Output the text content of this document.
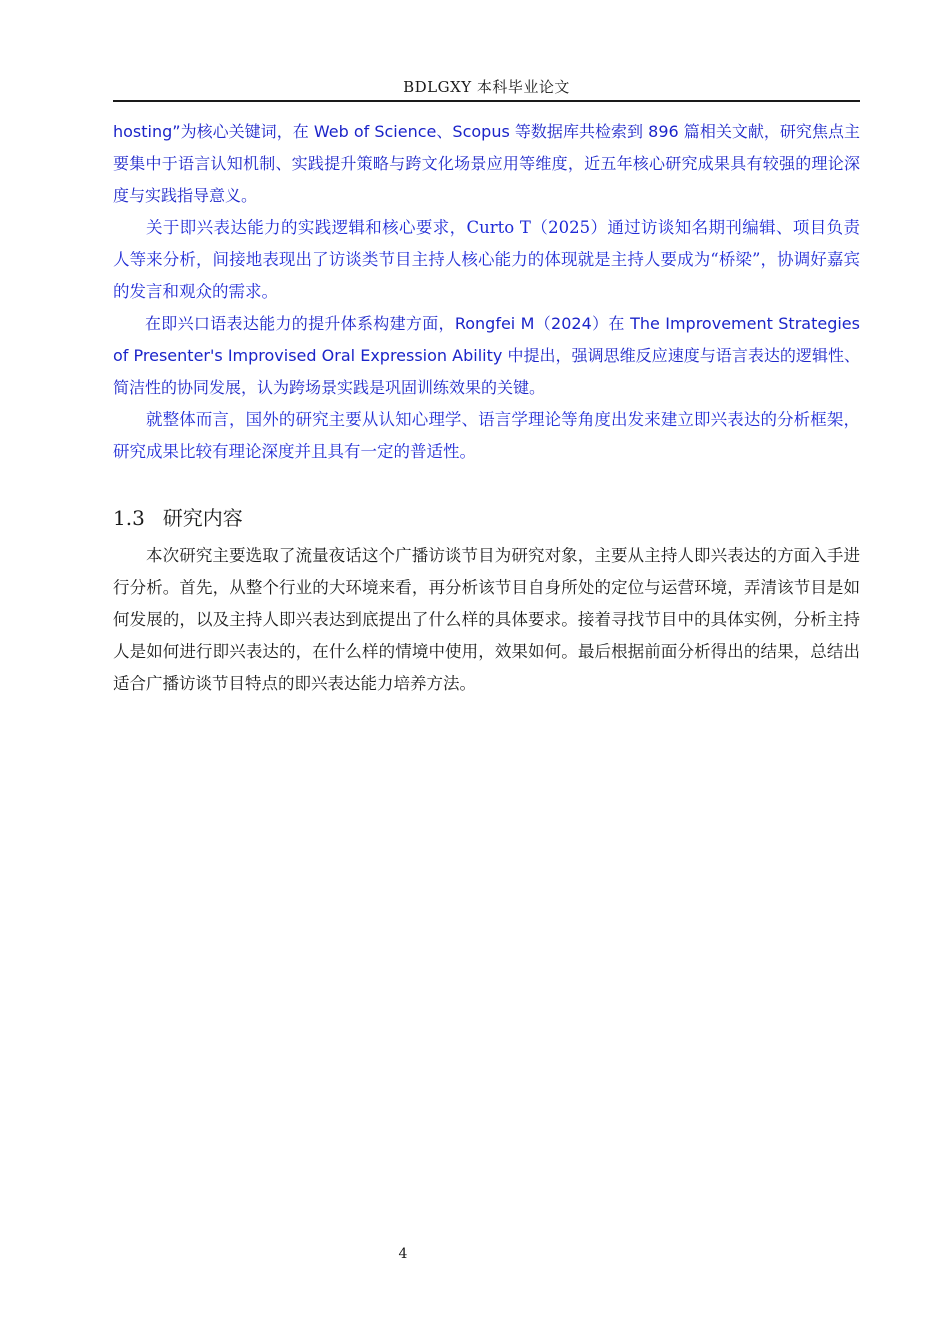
BDLGXY 本科毕业论文

hosting”为核心关键词，在 Web of Science、Scopus 等数据库共检索到 896 篇相关文献，研究焦点主要集中于语言认知机制、实践提升策略与跨文化场景应用等维度，近五年核心研究成果具有较强的理论深度与实践指导意义。

关于即兴表达能力的实践逻辑和核心要求，Curto T（2025）通过访谈知名期刊编辑、项目负责人等来分析，间接地表现出了访谈类节目主持人核心能力的体现就是主持人要成为“桥梁”，协调好嘉宾的发言和观众的需求。

在即兴口语表达能力的提升体系构建方面，Rongfei M（2024）在 The Improvement Strategies of Presenter's Improvised Oral Expression Ability 中提出，强调思维反应速度与语言表达的逻辑性、简洁性的协同发展，认为跨场景实践是巩固训练效果的关键。

就整体而言，国外的研究主要从认知心理学、语言学理论等角度出发来建立即兴表达的分析框架，研究成果比较有理论深度并且具有一定的普适性。

1.3 研究内容

本次研究主要选取了流量夜话这个广播访谈节目为研究对象，主要从主持人即兴表达的方面入手进行分析。首先，从整个行业的大环境来看，再分析该节目自身所处的定位与运营环境，弄清该节目是如何发展的，以及主持人即兴表达到底提出了什么样的具体要求。接着寻找节目中的具体实例，分析主持人是如何进行即兴表达的，在什么样的情境中使用，效果如何。最后根据前面分析得出的结果，总结出适合广播访谈节目特点的即兴表达能力培养方法。

4
